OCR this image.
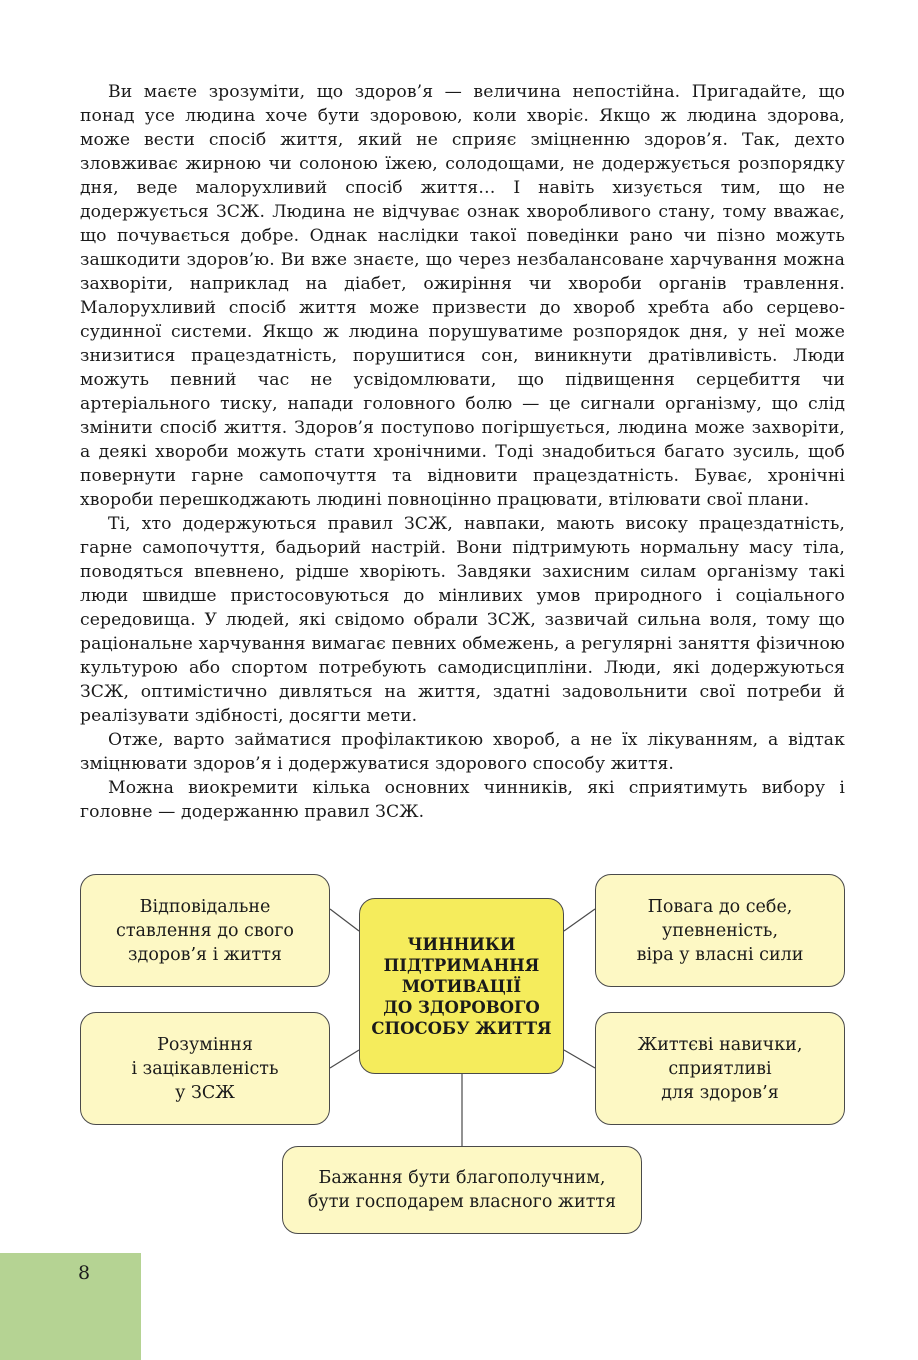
Ви маєте зрозуміти, що здоров’я — величина непостійна. Пригадайте, що понад усе людина хоче бути здоровою, коли хворіє. Якщо ж людина здорова, може вести спосіб життя, який не сприяє зміцненню здоров’я. Так, дехто зловживає жирною чи солоною їжею, солодощами, не додержується розпорядку дня, веде малорухливий спосіб життя… І навіть хизується тим, що не додержується ЗСЖ. Людина не відчуває ознак хворобливого стану, тому вважає, що почувається добре. Однак наслідки такої поведінки рано чи пізно можуть зашкодити здоров’ю. Ви вже знаєте, що через незбалансоване харчування можна захворіти, наприклад на діабет, ожиріння чи хвороби органів травлення. Малорухливий спосіб життя може призвести до хвороб хребта або серцево-судинної системи. Якщо ж людина порушуватиме розпорядок дня, у неї може знизитися працездатність, порушитися сон, виникнути дратівливість. Люди можуть певний час не усвідомлювати, що підвищення серцебиття чи артеріального тиску, напади головного болю — це сигнали організму, що слід змінити спосіб життя. Здоров’я поступово погіршується, людина може захворіти, а деякі хвороби можуть стати хронічними. Тоді знадобиться багато зусиль, щоб повернути гарне самопочуття та відновити працездатність. Буває, хронічні хвороби перешкоджають людині повноцінно працювати, втілювати свої плани.

Ті, хто додержуються правил ЗСЖ, навпаки, мають високу працездатність, гарне самопочуття, бадьорий настрій. Вони підтримують нормальну масу тіла, поводяться впевнено, рідше хворіють. Завдяки захисним силам організму такі люди швидше пристосовуються до мінливих умов природного і соціального середовища. У людей, які свідомо обрали ЗСЖ, зазвичай сильна воля, тому що раціональне харчування вимагає певних обмежень, а регулярні заняття фізичною культурою або спортом потребують самодисципліни. Люди, які додержуються ЗСЖ, оптимістично дивляться на життя, здатні задовольнити свої потреби й реалізувати здібності, досягти мети.

Отже, варто займатися профілактикою хвороб, а не їх лікуванням, а відтак зміцнювати здоров’я і додержуватися здорового способу життя.

Можна виокремити кілька основних чинників, які сприятимуть вибору і головне — додержанню правил ЗСЖ.

Відповідальне
ставлення до свого
здоров’я і життя
Повага до себе,
упевненість,
віра у власні сили
Розуміння
і зацікавленість
у ЗСЖ
Життєві навички,
сприятливі
для здоров’я
Бажання бути благополучним,
бути господарем власного життя
ЧИННИКИ
ПІДТРИМАННЯ
МОТИВАЦІЇ
ДО ЗДОРОВОГО
СПОСОБУ ЖИТТЯ
8
